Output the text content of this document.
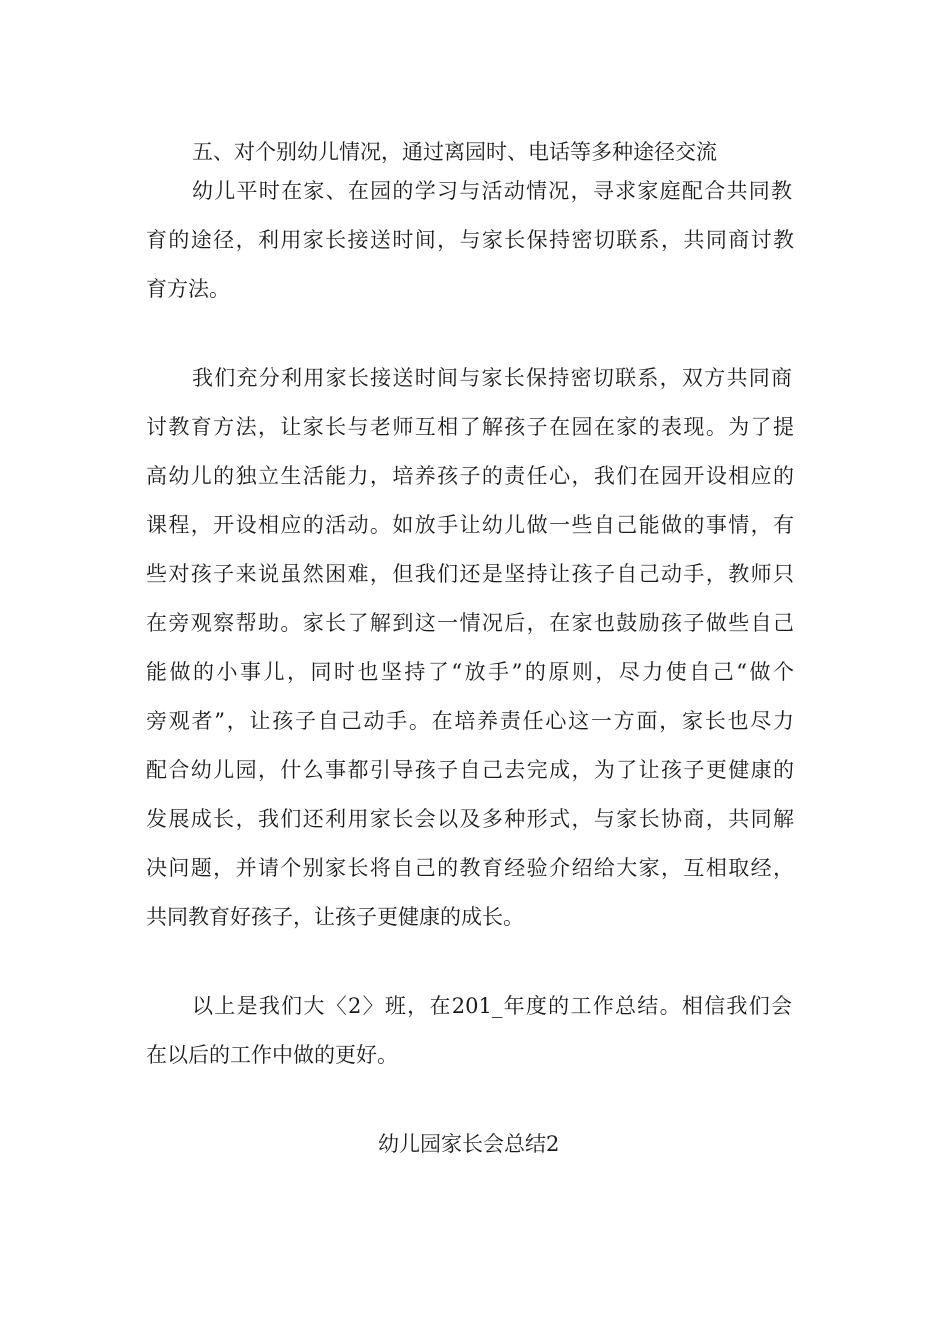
五、对个别幼儿情况，通过离园时、电话等多种途径交流
幼儿平时在家、在园的学习与活动情况，寻求家庭配合共同教
育的途径，利用家长接送时间，与家长保持密切联系，共同商讨教
育方法。
我们充分利用家长接送时间与家长保持密切联系，双方共同商
讨教育方法，让家长与老师互相了解孩子在园在家的表现。为了提
高幼儿的独立生活能力，培养孩子的责任心，我们在园开设相应的
课程，开设相应的活动。如放手让幼儿做一些自己能做的事情，有
些对孩子来说虽然困难，但我们还是坚持让孩子自己动手，教师只
在旁观察帮助。家长了解到这一情况后，在家也鼓励孩子做些自己
能做的小事儿，同时也坚持了“放手”的原则，尽力使自己“做个
旁观者”，让孩子自己动手。在培养责任心这一方面，家长也尽力
配合幼儿园，什么事都引导孩子自己去完成，为了让孩子更健康的
发展成长，我们还利用家长会以及多种形式，与家长协商，共同解
决问题，并请个别家长将自己的教育经验介绍给大家，互相取经，
共同教育好孩子，让孩子更健康的成长。
以上是我们大〈2〉班，在201_年度的工作总结。相信我们会
在以后的工作中做的更好。
幼儿园家长会总结2
